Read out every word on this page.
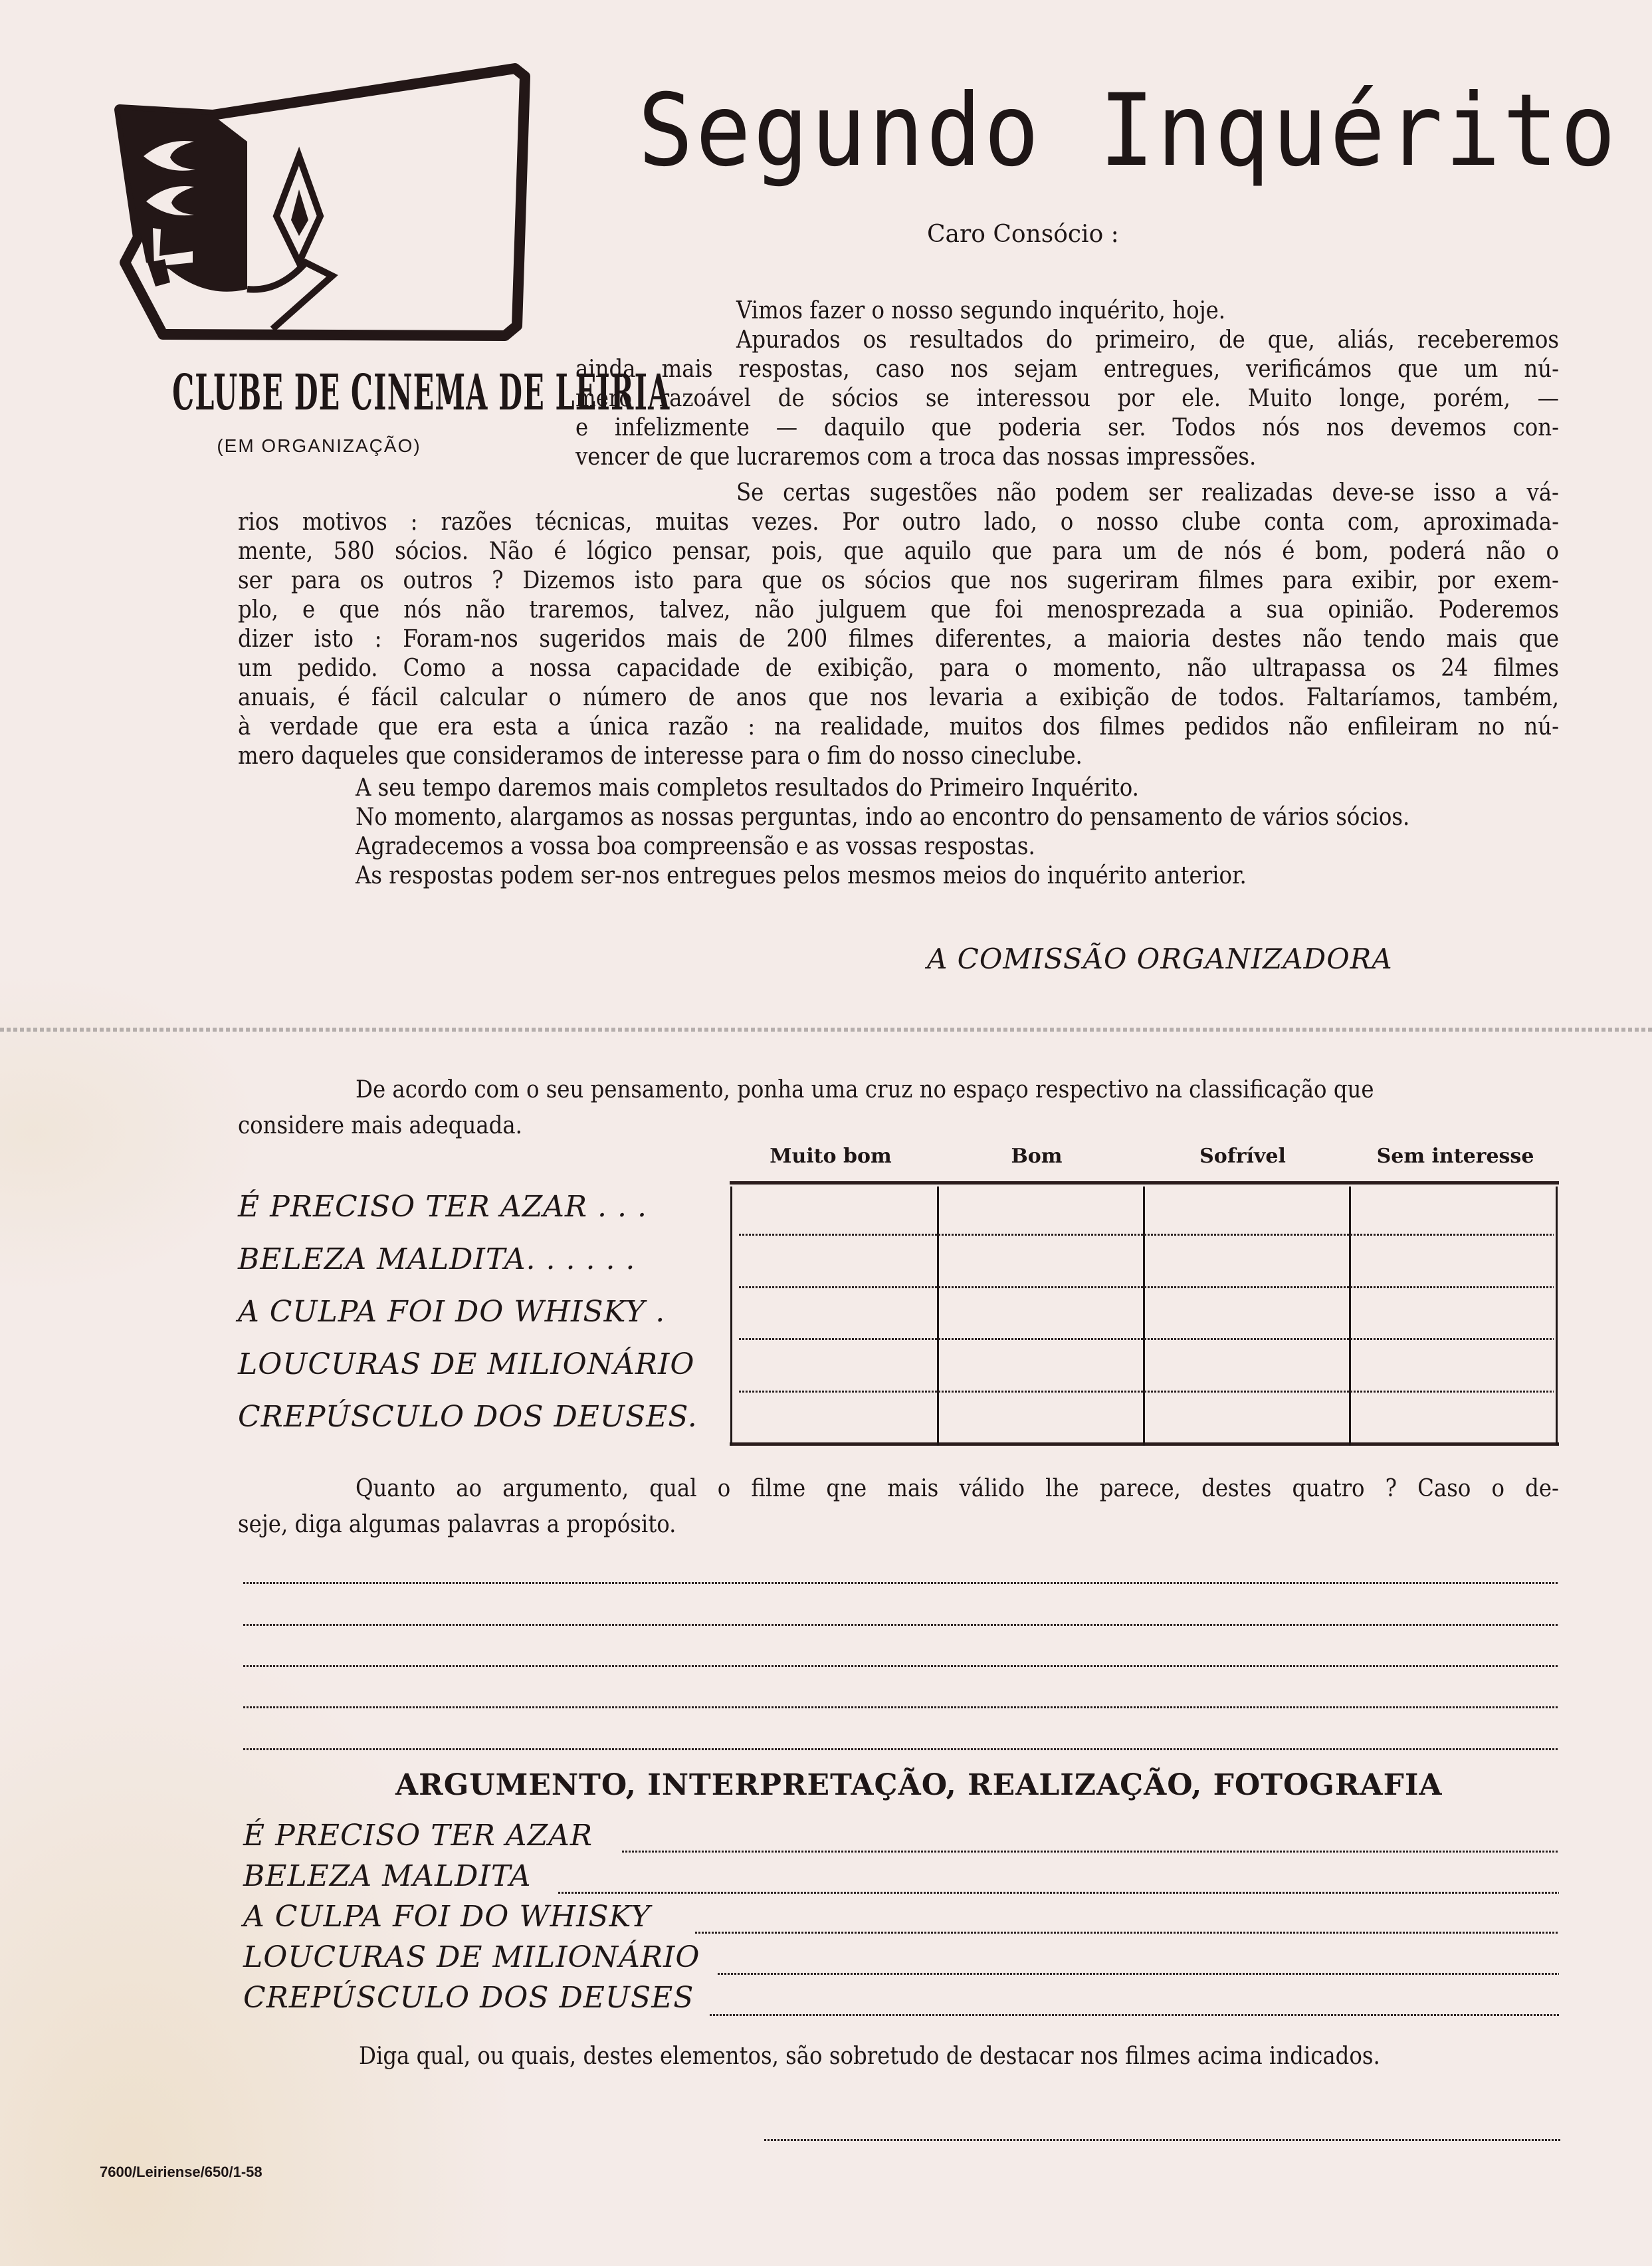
CLUBE DE CINEMA DE LEIRIA
(EM ORGANIZAÇÃO)
Segundo Inquérito
Caro Consócio :
Vimos fazer o nosso segundo inquérito, hoje.
Apurados os resultados do primeiro, de que, aliás, receberemos
ainda mais respostas, caso nos sejam entregues, verificámos que um nú-
mero razoável de sócios se interessou por ele. Muito longe, porém, —
e infelizmente — daquilo que poderia ser. Todos nós nos devemos con-
vencer de que lucraremos com a troca das nossas impressões.
Se certas sugestões não podem ser realizadas deve-se isso a vá-
rios motivos : razões técnicas, muitas vezes. Por outro lado, o nosso clube conta com, aproximada-
mente, 580 sócios. Não é lógico pensar, pois, que aquilo que para um de nós é bom, poderá não o
ser para os outros ? Dizemos isto para que os sócios que nos sugeriram filmes para exibir, por exem-
plo, e que nós não traremos, talvez, não julguem que foi menosprezada a sua opinião. Poderemos
dizer isto : Foram-nos sugeridos mais de 200 filmes diferentes, a maioria destes não tendo mais que
um pedido. Como a nossa capacidade de exibição, para o momento, não ultrapassa os 24 filmes
anuais, é fácil calcular o número de anos que nos levaria a exibição de todos. Faltaríamos, também,
à verdade que era esta a única razão : na realidade, muitos dos filmes pedidos não enfileiram no nú-
mero daqueles que consideramos de interesse para o fim do nosso cineclube.
A seu tempo daremos mais completos resultados do Primeiro Inquérito.
No momento, alargamos as nossas perguntas, indo ao encontro do pensamento de vários sócios.
Agradecemos a vossa boa compreensão e as vossas respostas.
As respostas podem ser-nos entregues pelos mesmos meios do inquérito anterior.
A COMISSÃO ORGANIZADORA
De acordo com o seu pensamento, ponha uma cruz no espaço respectivo na classificação que
considere mais adequada.
Muito bom	Bom	Sofrível	Sem interesse
É PRECISO TER AZAR . . .
BELEZA MALDITA. . . . . .
A CULPA FOI DO WHISKY .
LOUCURAS DE MILIONÁRIO
CREPÚSCULO DOS DEUSES.
Quanto ao argumento, qual o filme qne mais válido lhe parece, destes quatro ? Caso o de-
seje, diga algumas palavras a propósito.
ARGUMENTO, INTERPRETAÇÃO, REALIZAÇÃO, FOTOGRAFIA
É PRECISO TER AZAR
BELEZA MALDITA
A CULPA FOI DO WHISKY
LOUCURAS DE MILIONÁRIO
CREPÚSCULO DOS DEUSES
Diga qual, ou quais, destes elementos, são sobretudo de destacar nos filmes acima indicados.
7600/Leiriense/650/1-58
